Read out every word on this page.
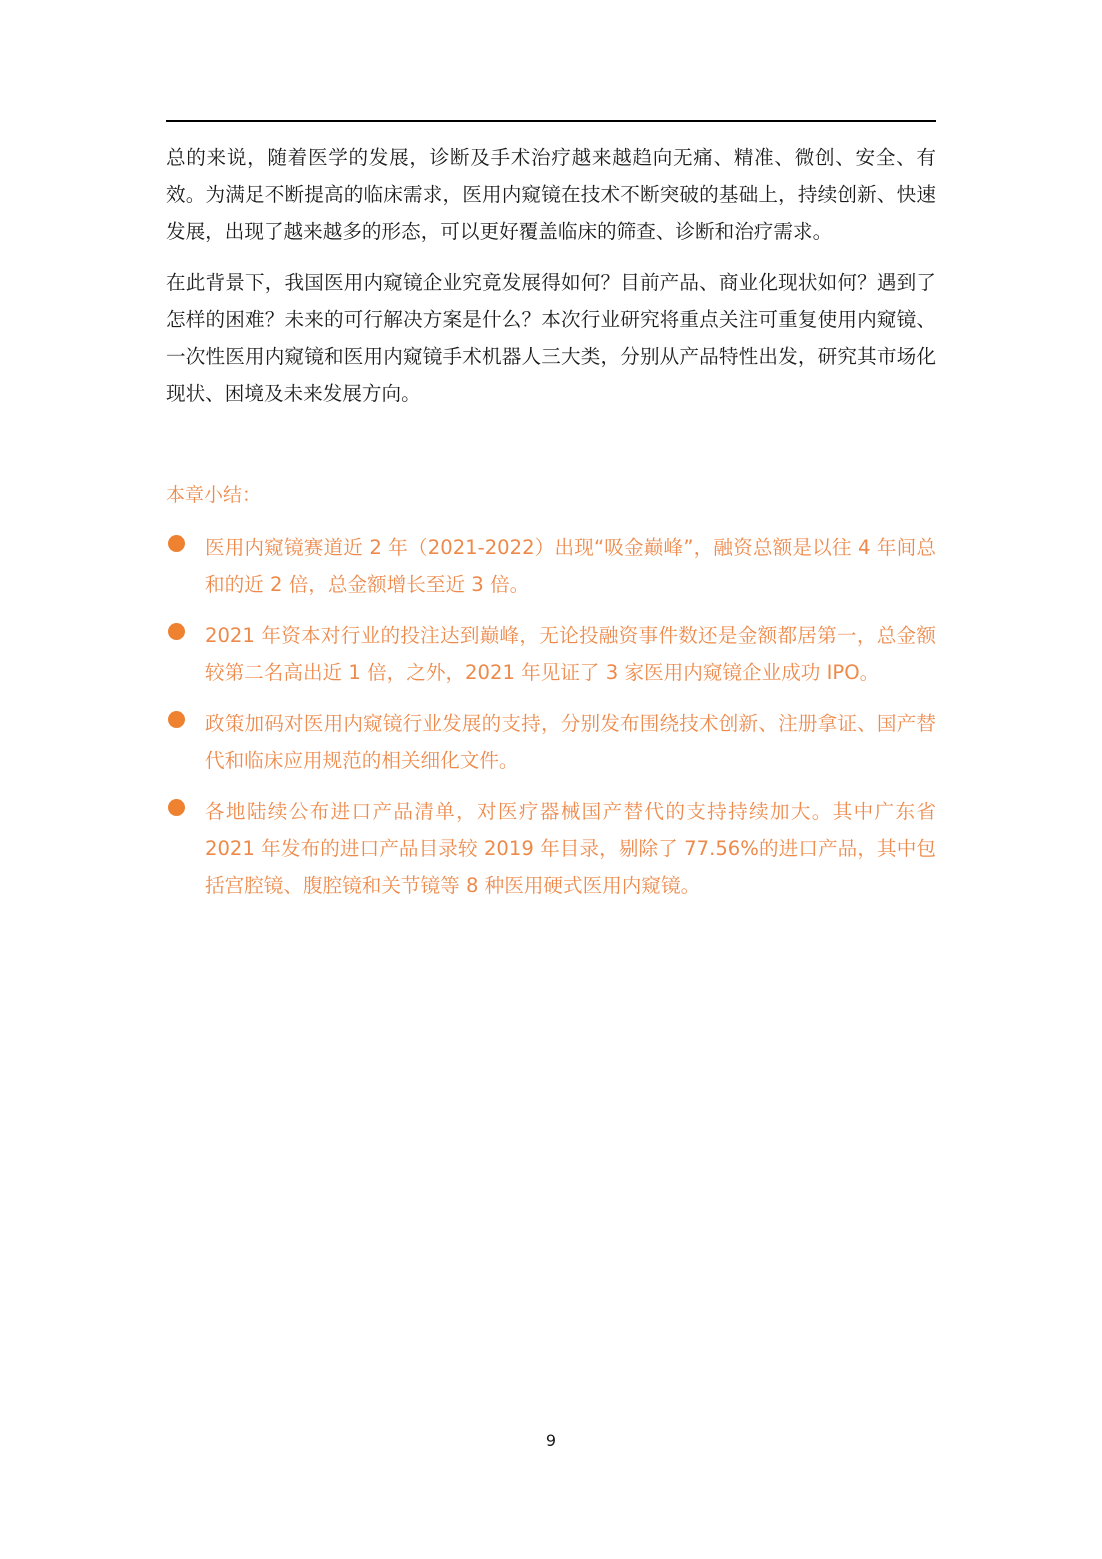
总的来说，随着医学的发展，诊断及手术治疗越来越趋向无痛、精准、微创、安全、有效。为满足不断提高的临床需求，医用内窥镜在技术不断突破的基础上，持续创新、快速发展，出现了越来越多的形态，可以更好覆盖临床的筛查、诊断和治疗需求。

在此背景下，我国医用内窥镜企业究竟发展得如何？目前产品、商业化现状如何？遇到了怎样的困难？未来的可行解决方案是什么？本次行业研究将重点关注可重复使用内窥镜、一次性医用内窥镜和医用内窥镜手术机器人三大类，分别从产品特性出发，研究其市场化现状、困境及未来发展方向。

本章小结：

医用内窥镜赛道近 2 年（2021-2022）出现“吸金巅峰”，融资总额是以往 4 年间总和的近 2 倍，总金额增长至近 3 倍。
2021 年资本对行业的投注达到巅峰，无论投融资事件数还是金额都居第一，总金额较第二名高出近 1 倍，之外，2021 年见证了 3 家医用内窥镜企业成功 IPO。
政策加码对医用内窥镜行业发展的支持，分别发布围绕技术创新、注册拿证、国产替代和临床应用规范的相关细化文件。
各地陆续公布进口产品清单，对医疗器械国产替代的支持持续加大。其中广东省 2021 年发布的进口产品目录较 2019 年目录，剔除了 77.56%的进口产品，其中包括宫腔镜、腹腔镜和关节镜等 8 种医用硬式医用内窥镜。
9
